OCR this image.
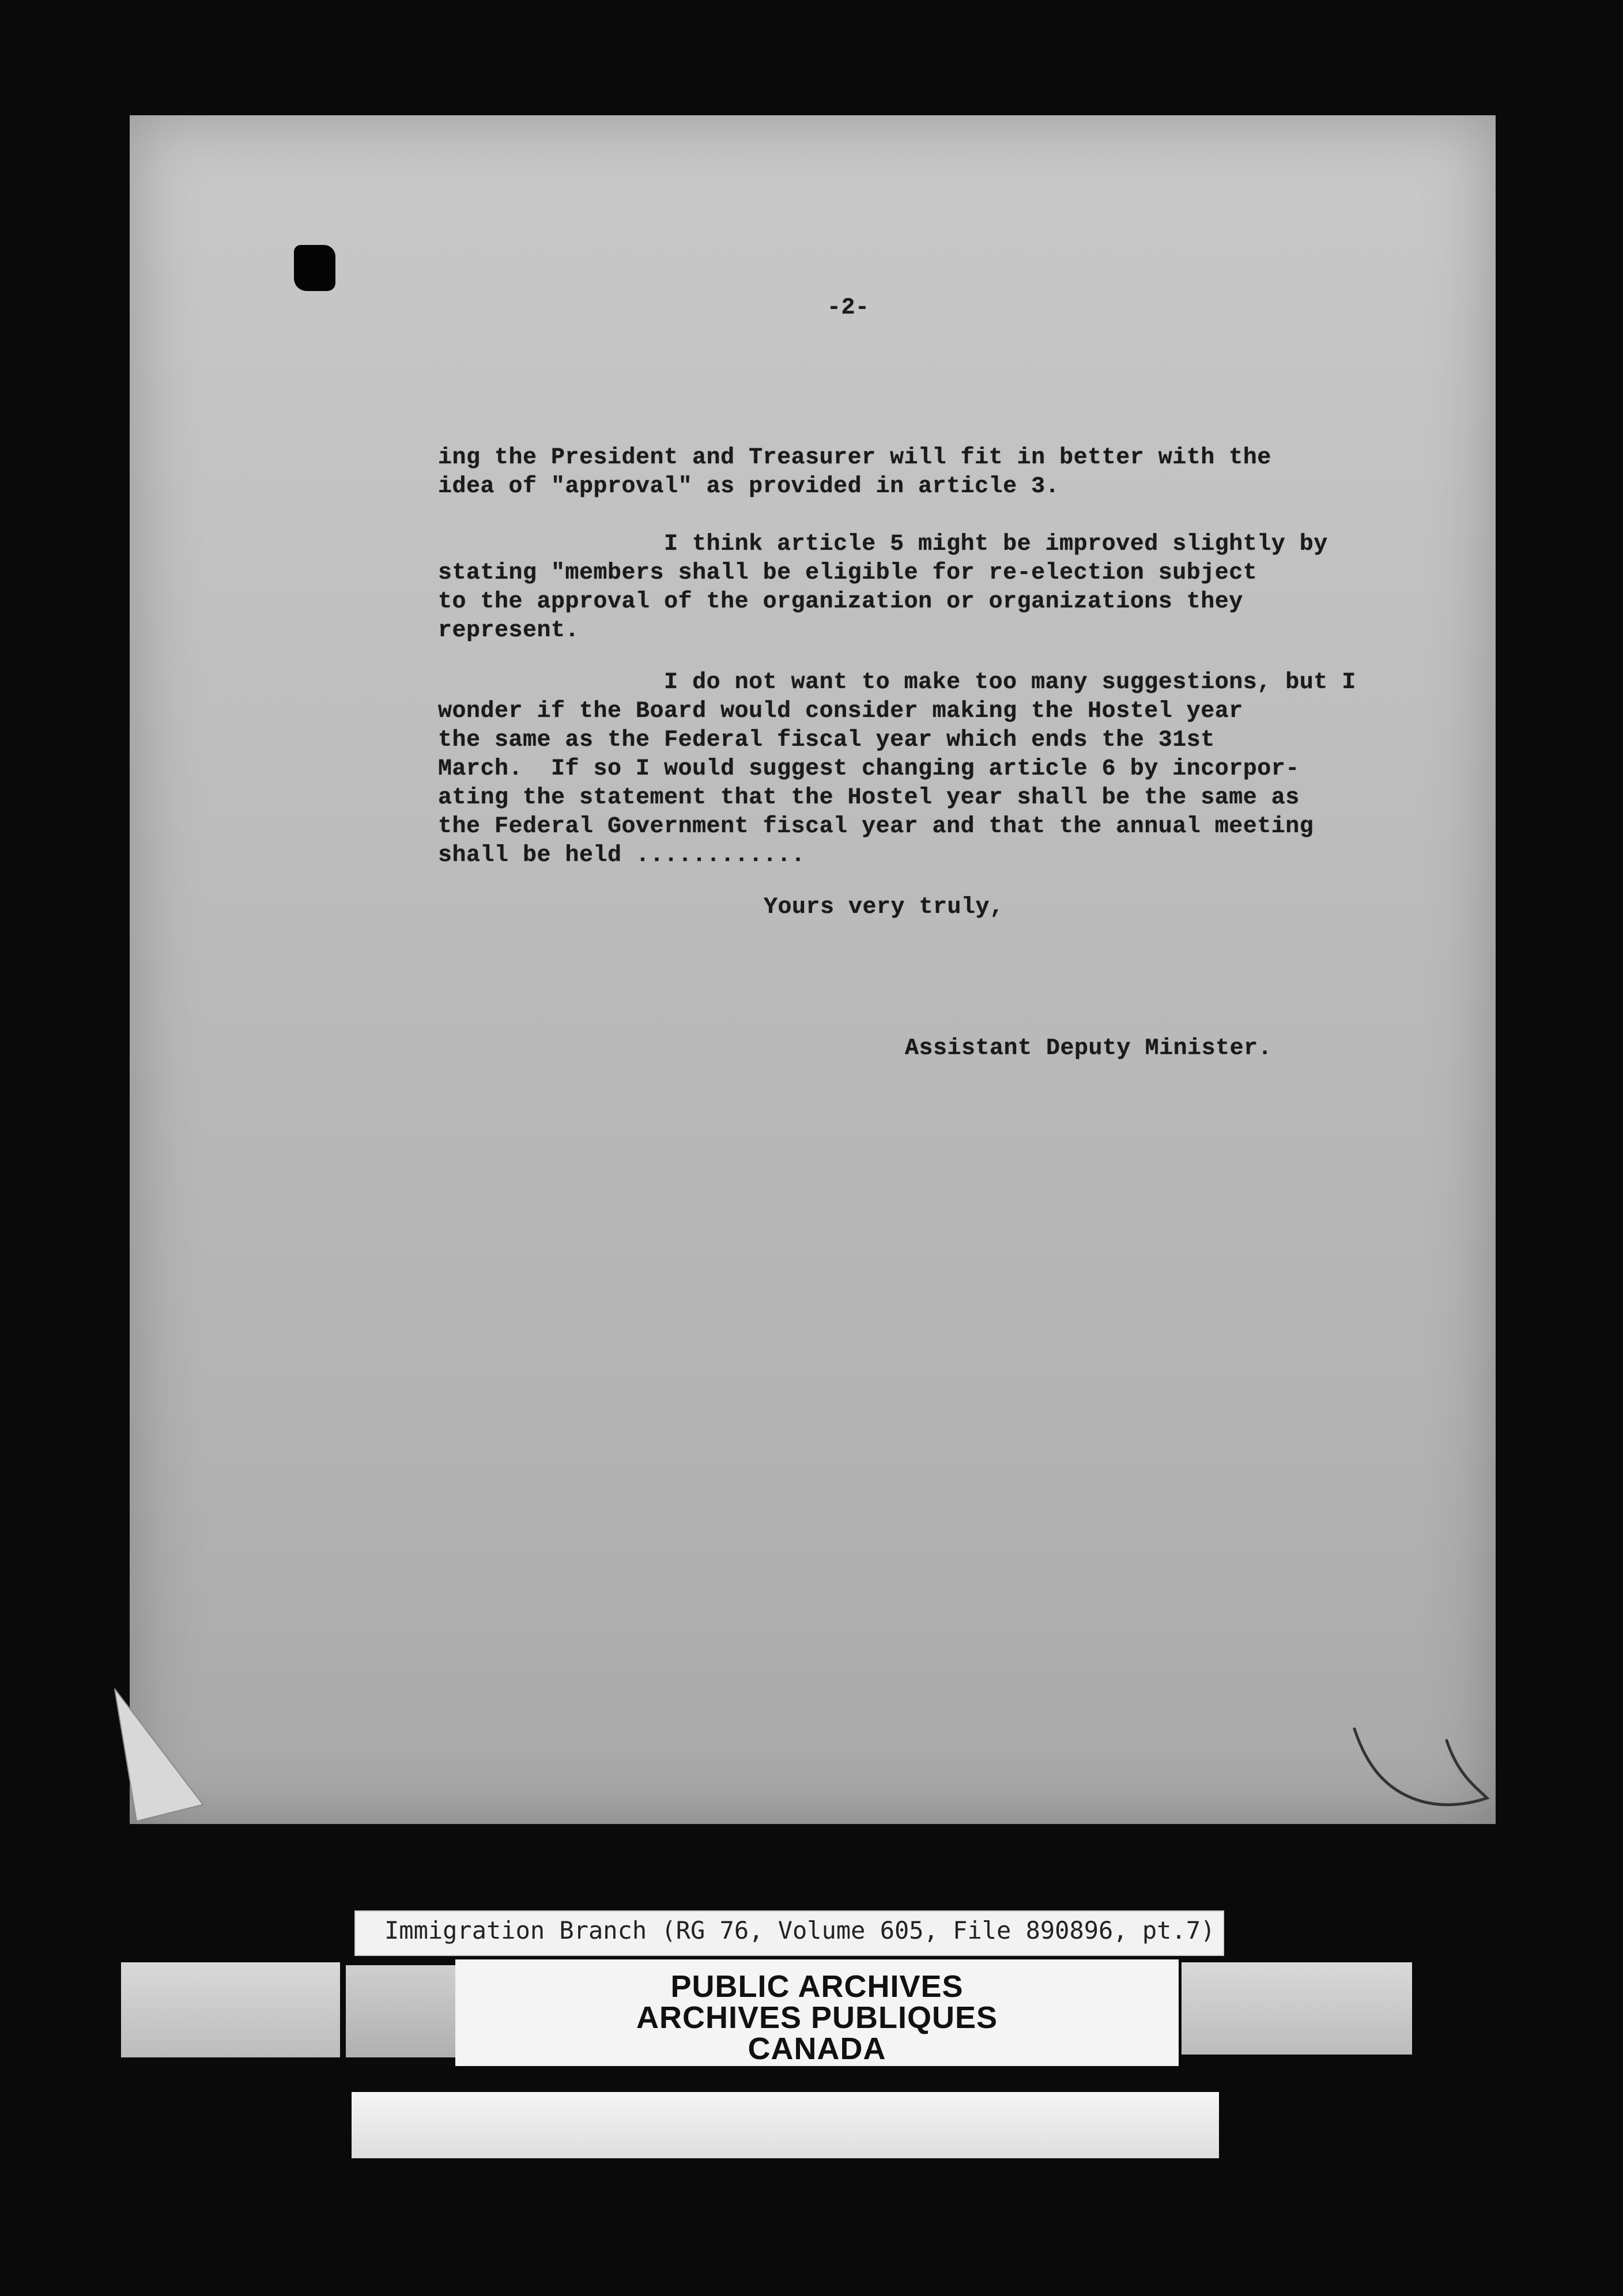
-2-
ing the President and Treasurer will fit in better with the
idea of "approval" as provided in article 3.
I think article 5 might be improved slightly by
stating "members shall be eligible for re-election subject
to the approval of the organization or organizations they
represent.
I do not want to make too many suggestions, but I
wonder if the Board would consider making the Hostel year
the same as the Federal fiscal year which ends the 31st
March.  If so I would suggest changing article 6 by incorpor-
ating the statement that the Hostel year shall be the same as
the Federal Government fiscal year and that the annual meeting
shall be held ............
Yours very truly,
Assistant Deputy Minister.
Immigration Branch (RG 76, Volume 605, File 890896, pt.7)
PUBLIC ARCHIVES
ARCHIVES PUBLIQUES
CANADA
